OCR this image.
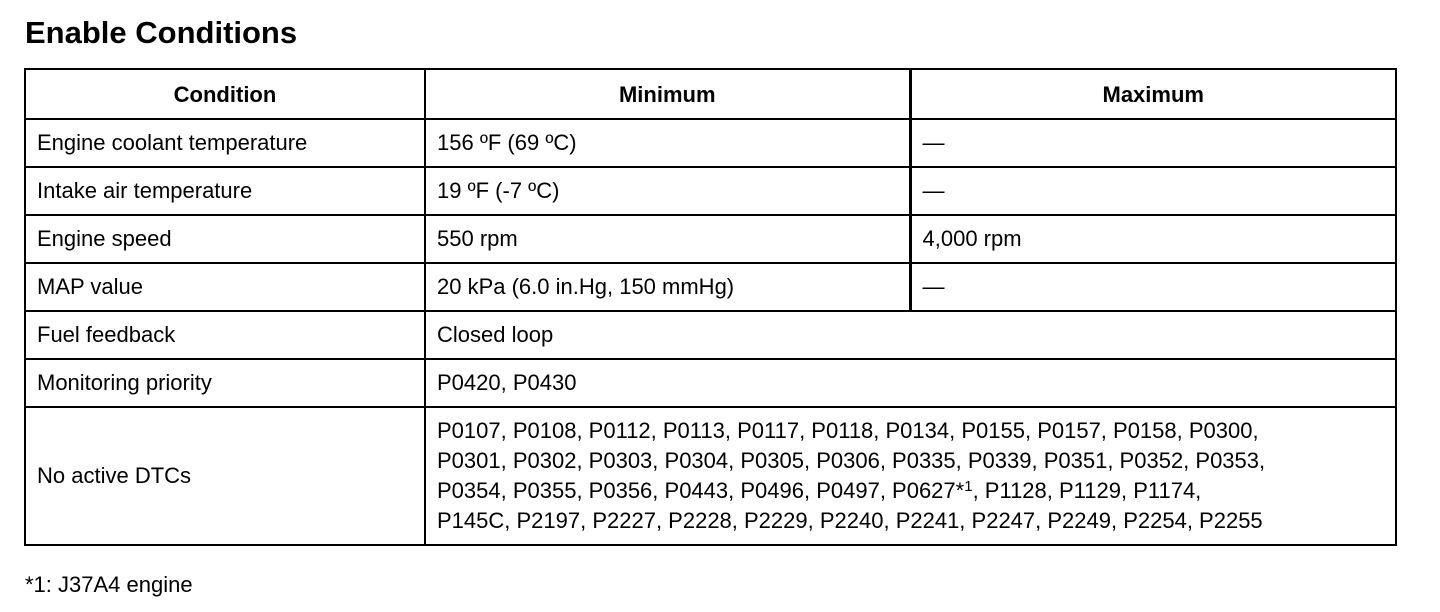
Enable Conditions
Condition	Minimum	Maximum
Engine coolant temperature	156 ºF (69 ºC)	—
Intake air temperature	19 ºF (-7 ºC)	—
Engine speed	550 rpm	4,000 rpm
MAP value	20 kPa (6.0 in.Hg, 150 mmHg)	—
Fuel feedback	Closed loop	
Monitoring priority	P0420, P0430	
No active DTCs	P0107, P0108, P0112, P0113, P0117, P0118, P0134, P0155, P0157, P0158, P0300,
P0301, P0302, P0303, P0304, P0305, P0306, P0335, P0339, P0351, P0352, P0353,
P0354, P0355, P0356, P0443, P0496, P0497, P0627*$^1$, P1128, P1129, P1174,
P145C, P2197, P2227, P2228, P2229, P2240, P2241, P2247, P2249, P2254, P2255	
*1: J37A4 engine
